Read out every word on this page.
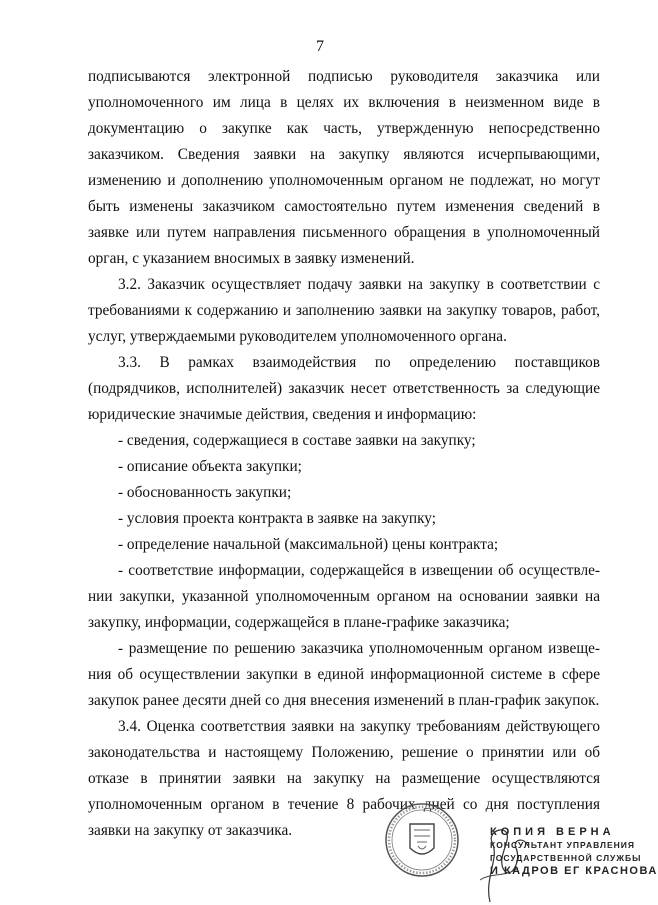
7
подписываются электронной подписью руководителя заказчика или
уполномоченного им лица в целях их включения в неизменном виде в
документацию о закупке как часть, утвержденную непосредственно
заказчиком. Сведения заявки на закупку являются исчерпывающими,
изменению и дополнению уполномоченным органом не подлежат, но могут
быть изменены заказчиком самостоятельно путем изменения сведений в
заявке или путем направления письменного обращения в уполномоченный
орган, с указанием вносимых в заявку изменений.
3.2. Заказчик осуществляет подачу заявки на закупку в соответствии с
требованиями к содержанию и заполнению заявки на закупку товаров, работ,
услуг, утверждаемыми руководителем уполномоченного органа.
3.3. В рамках взаимодействия по определению поставщиков
(подрядчиков, исполнителей) заказчик несет ответственность за следующие
юридические значимые действия, сведения и информацию:
- сведения, содержащиеся в составе заявки на закупку;
- описание объекта закупки;
- обоснованность закупки;
- условия проекта контракта в заявке на закупку;
- определение начальной (максимальной) цены контракта;
- соответствие информации, содержащейся в извещении об осуществле-
нии закупки, указанной уполномоченным органом на основании заявки на
закупку, информации, содержащейся в плане-графике заказчика;
- размещение по решению заказчика уполномоченным органом извеще-
ния об осуществлении закупки в единой информационной системе в сфере
закупок ранее десяти дней со дня внесения изменений в план-график закупок.
3.4. Оценка соответствия заявки на закупку требованиям действующего
законодательства и настоящему Положению, решение о принятии или об
отказе в принятии заявки на закупку на размещение осуществляются
уполномоченным органом в течение 8 рабочих дней со дня поступления
заявки на закупку от заказчика.	КОПИЯ ВЕРНА
КОНСУЛЬТАНТ УПРАВЛЕНИЯ
ГОСУДАРСТВЕННОЙ СЛУЖБЫ
И КАДРОВ ЕГ КРАСНОВА
